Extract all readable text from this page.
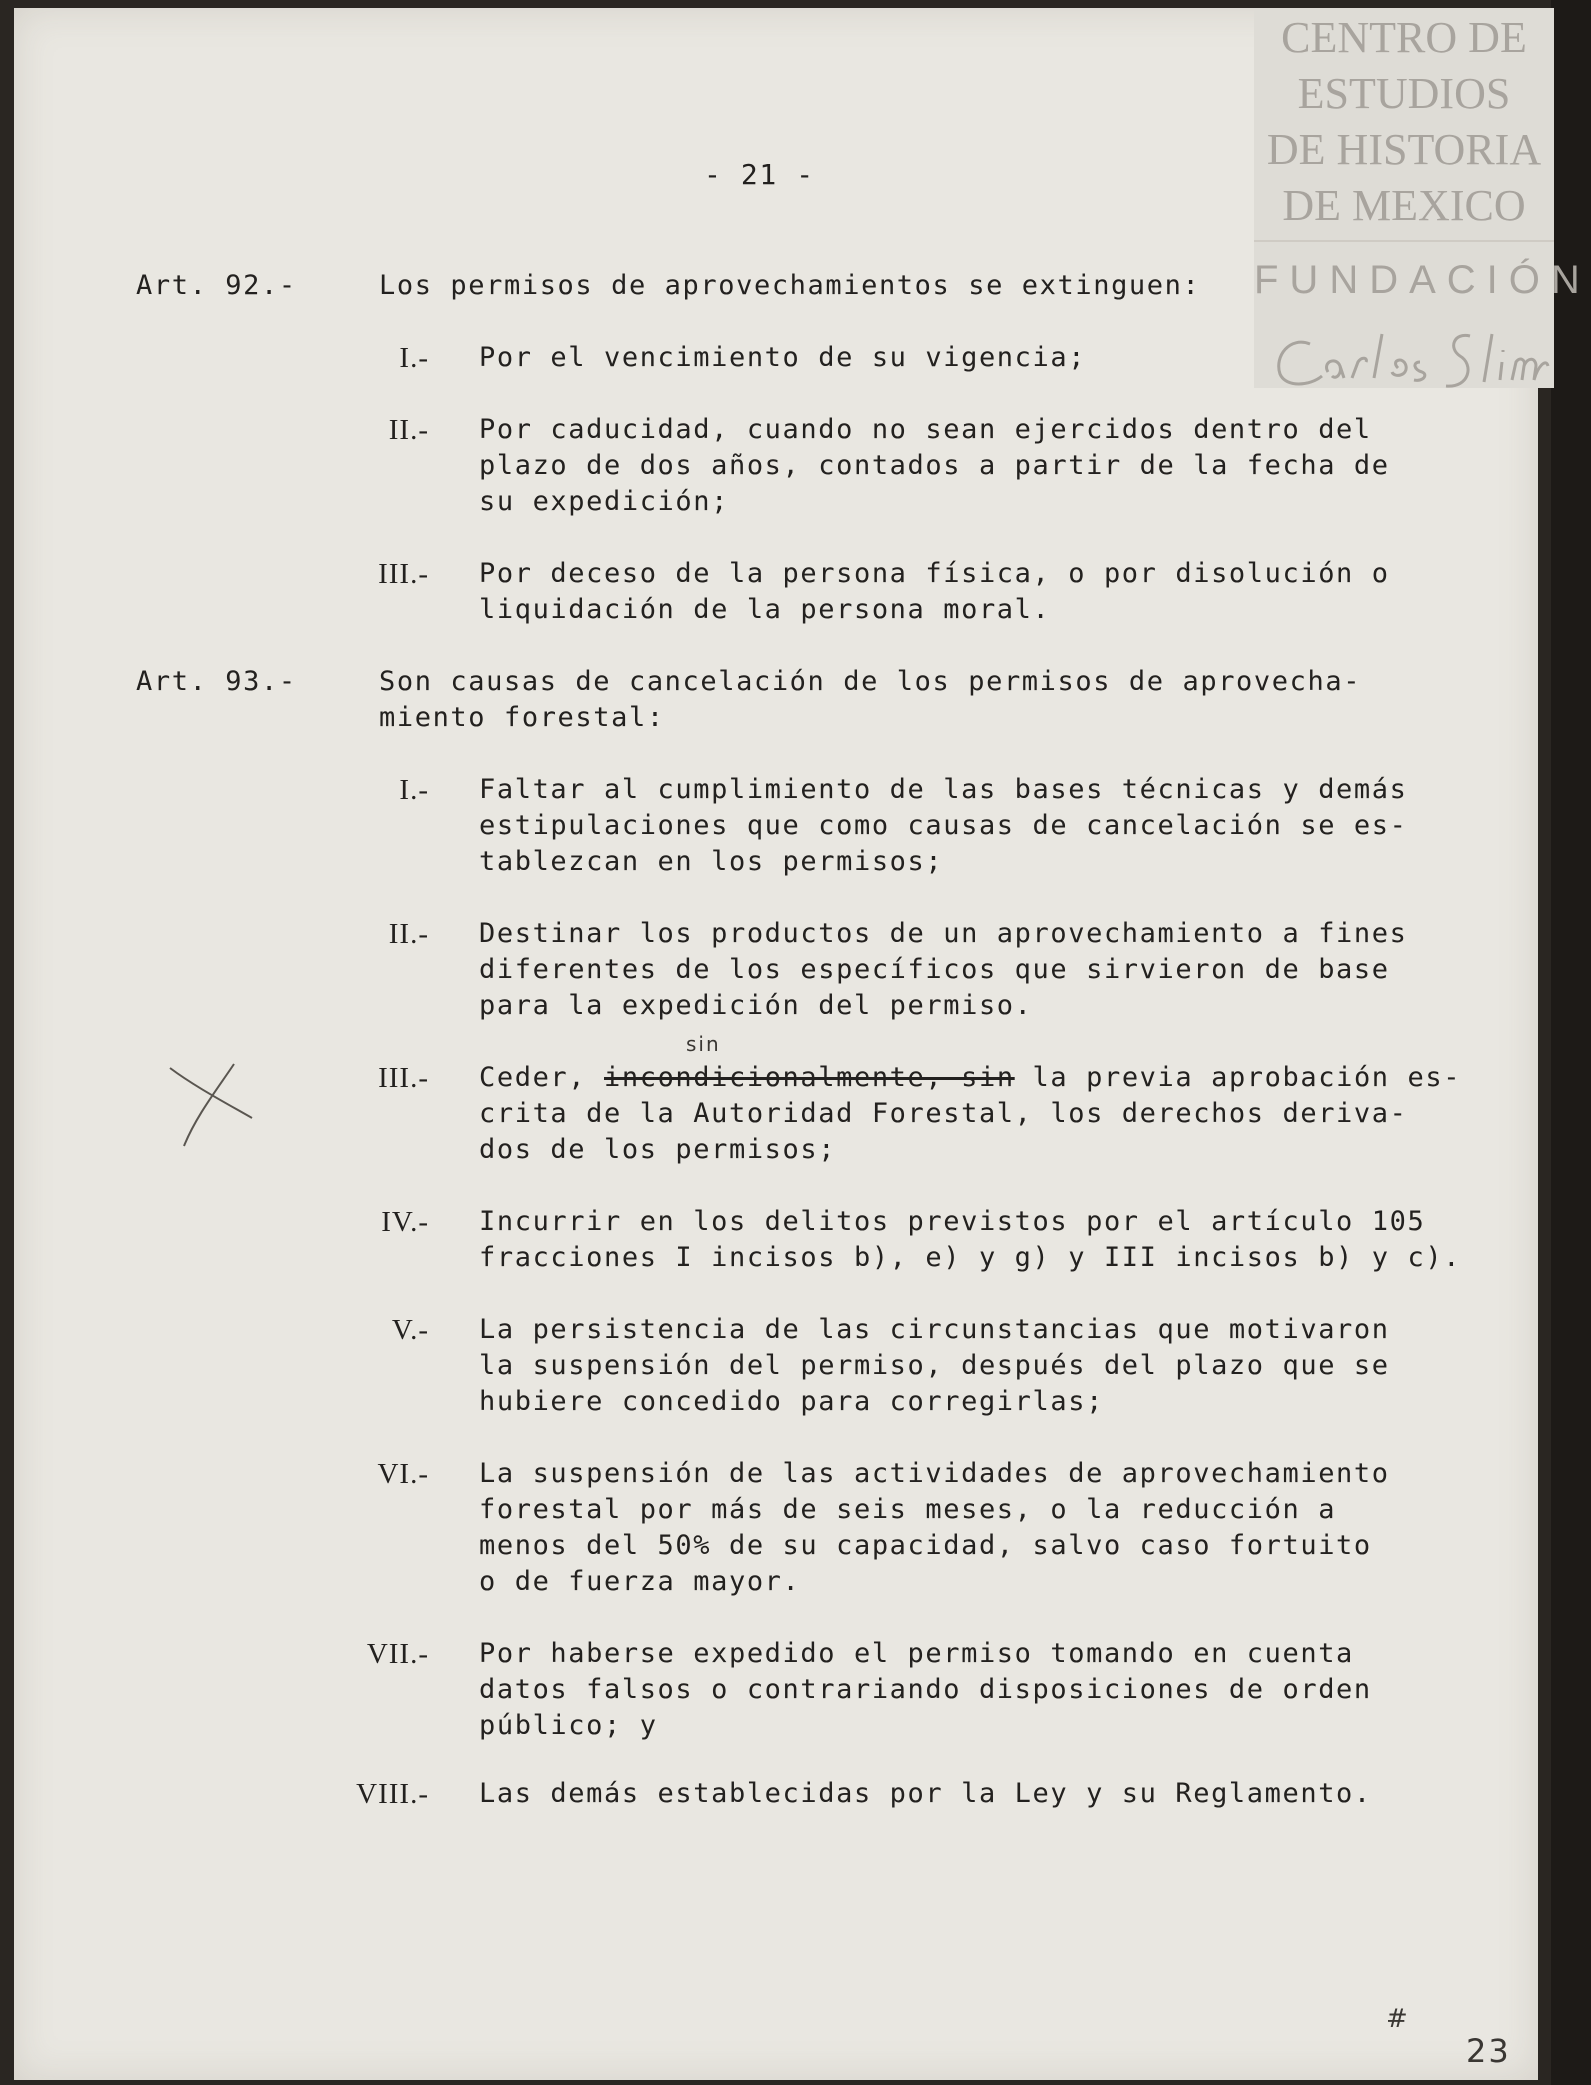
CENTRO DE
ESTUDIOS
DE HISTORIA
DE MEXICO
FUNDACIÓN
- 21 -
Art. 92.-	Los permisos de aprovechamientos se extinguen:
I.- Por el vencimiento de su vigencia;
II.- Por caducidad, cuando no sean ejercidos dentro del
plazo de dos años, contados a partir de la fecha de
su expedición;
III.- Por deceso de la persona física, o por disolución o
liquidación de la persona moral.
Art. 93.-	Son causas de cancelación de los permisos de aprovecha-
miento forestal:
I.- Faltar al cumplimiento de las bases técnicas y demás
estipulaciones que como causas de cancelación se es-
tablezcan en los permisos;
II.- Destinar los productos de un aprovechamiento a fines
diferentes de los específicos que sirvieron de base
para la expedición del permiso.
sin
III.- Ceder, incondicionalmente, sin la previa aprobación es-
crita de la Autoridad Forestal, los derechos deriva-
dos de los permisos;
IV.- Incurrir en los delitos previstos por el artículo 105
fracciones I incisos b), e) y g) y III incisos b) y c).
V.- La persistencia de las circunstancias que motivaron
la suspensión del permiso, después del plazo que se
hubiere concedido para corregirlas;
VI.- La suspensión de las actividades de aprovechamiento
forestal por más de seis meses, o la reducción a
menos del 50% de su capacidad, salvo caso fortuito
o de fuerza mayor.
VII.- Por haberse expedido el permiso tomando en cuenta
datos falsos o contrariando disposiciones de orden
público; y
VIII.- Las demás establecidas por la Ley y su Reglamento.
#
23
